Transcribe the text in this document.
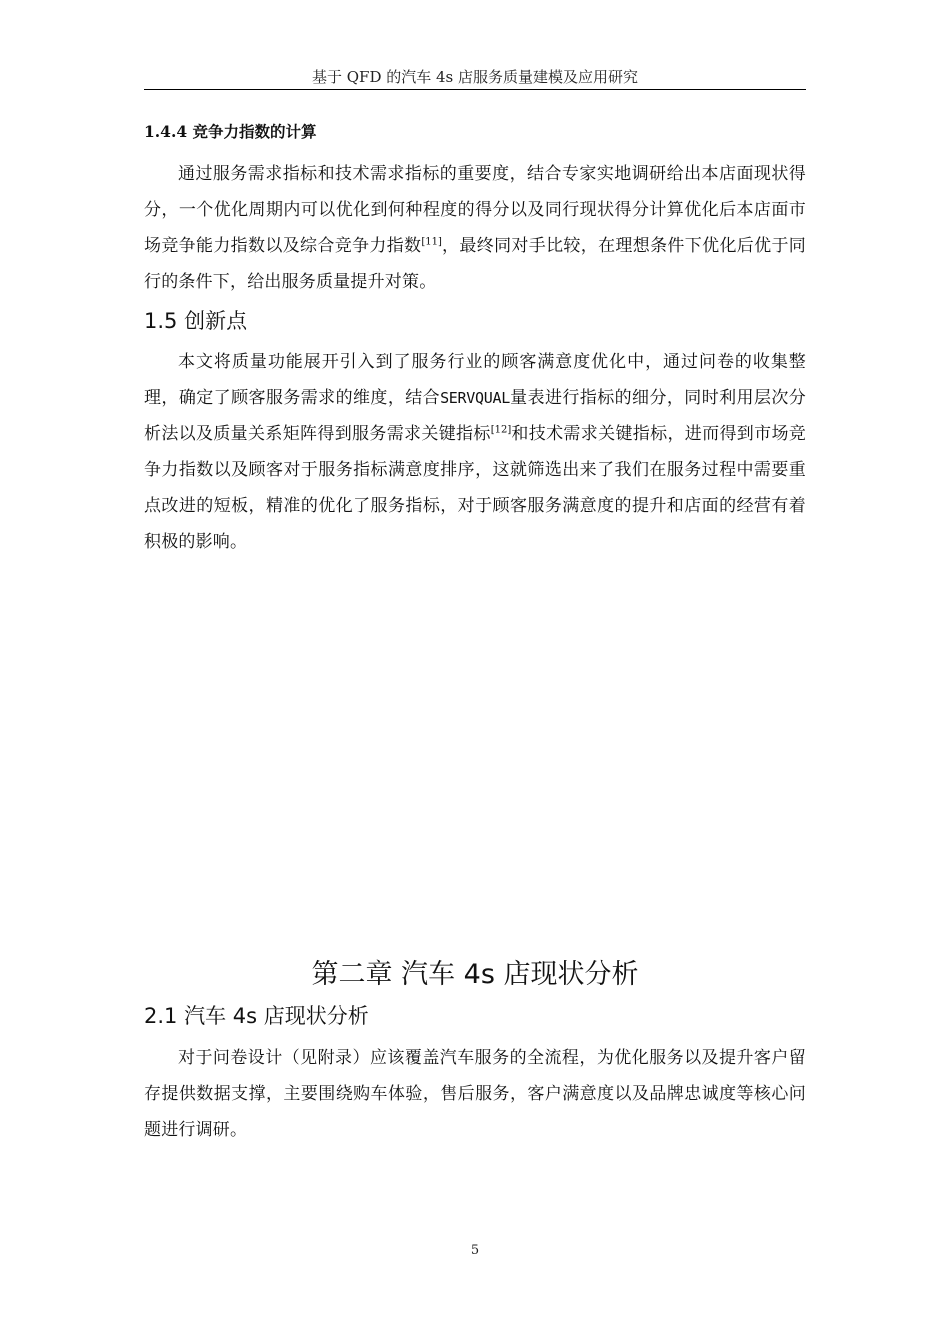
基于 QFD 的汽车 4s 店服务质量建模及应用研究
1.4.4 竞争力指数的计算

通过服务需求指标和技术需求指标的重要度，结合专家实地调研给出本店面现状得分，一个优化周期内可以优化到何种程度的得分以及同行现状得分计算优化后本店面市场竞争能力指数以及综合竞争力指数[11]，最终同对手比较，在理想条件下优化后优于同行的条件下，给出服务质量提升对策。

1.5 创新点

本文将质量功能展开引入到了服务行业的顾客满意度优化中，通过问卷的收集整理，确定了顾客服务需求的维度，结合SERVQUAL量表进行指标的细分，同时利用层次分析法以及质量关系矩阵得到服务需求关键指标[12]和技术需求关键指标，进而得到市场竞争力指数以及顾客对于服务指标满意度排序，这就筛选出来了我们在服务过程中需要重点改进的短板，精准的优化了服务指标，对于顾客服务满意度的提升和店面的经营有着积极的影响。

第二章 汽车 4s 店现状分析
2.1 汽车 4s 店现状分析

对于问卷设计（见附录）应该覆盖汽车服务的全流程，为优化服务以及提升客户留存提供数据支撑，主要围绕购车体验，售后服务，客户满意度以及品牌忠诚度等核心问题进行调研。

5
